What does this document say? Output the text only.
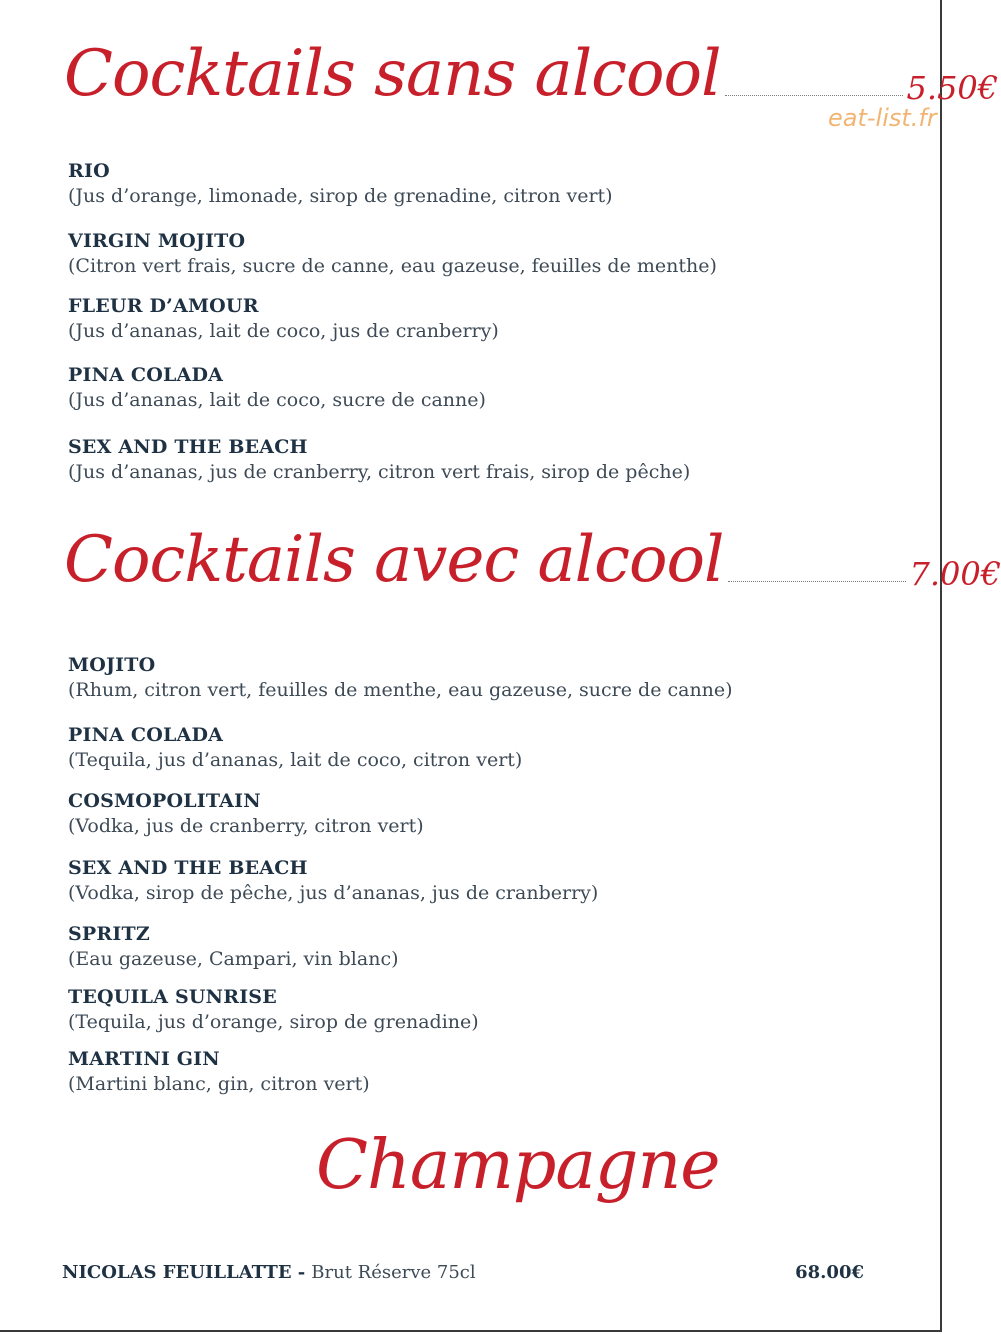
Cocktails sans alcool	5.50€
eat-list.fr
RIO
(Jus d’orange, limonade, sirop de grenadine, citron vert)
VIRGIN MOJITO
(Citron vert frais, sucre de canne, eau gazeuse, feuilles de menthe)
FLEUR D’AMOUR
(Jus d’ananas, lait de coco, jus de cranberry)
PINA COLADA
(Jus d’ananas, lait de coco, sucre de canne)
SEX AND THE BEACH
(Jus d’ananas, jus de cranberry, citron vert frais, sirop de pêche)
Cocktails avec alcool	7.00€
MOJITO
(Rhum, citron vert, feuilles de menthe, eau gazeuse, sucre de canne)
PINA COLADA
(Tequila, jus d’ananas, lait de coco, citron vert)
COSMOPOLITAIN
(Vodka, jus de cranberry, citron vert)
SEX AND THE BEACH
(Vodka, sirop de pêche, jus d’ananas, jus de cranberry)
SPRITZ
(Eau gazeuse, Campari, vin blanc)
TEQUILA SUNRISE
(Tequila, jus d’orange, sirop de grenadine)
MARTINI GIN
(Martini blanc, gin, citron vert)
Champagne
NICOLAS FEUILLATTE - Brut Réserve 75cl	68.00€
